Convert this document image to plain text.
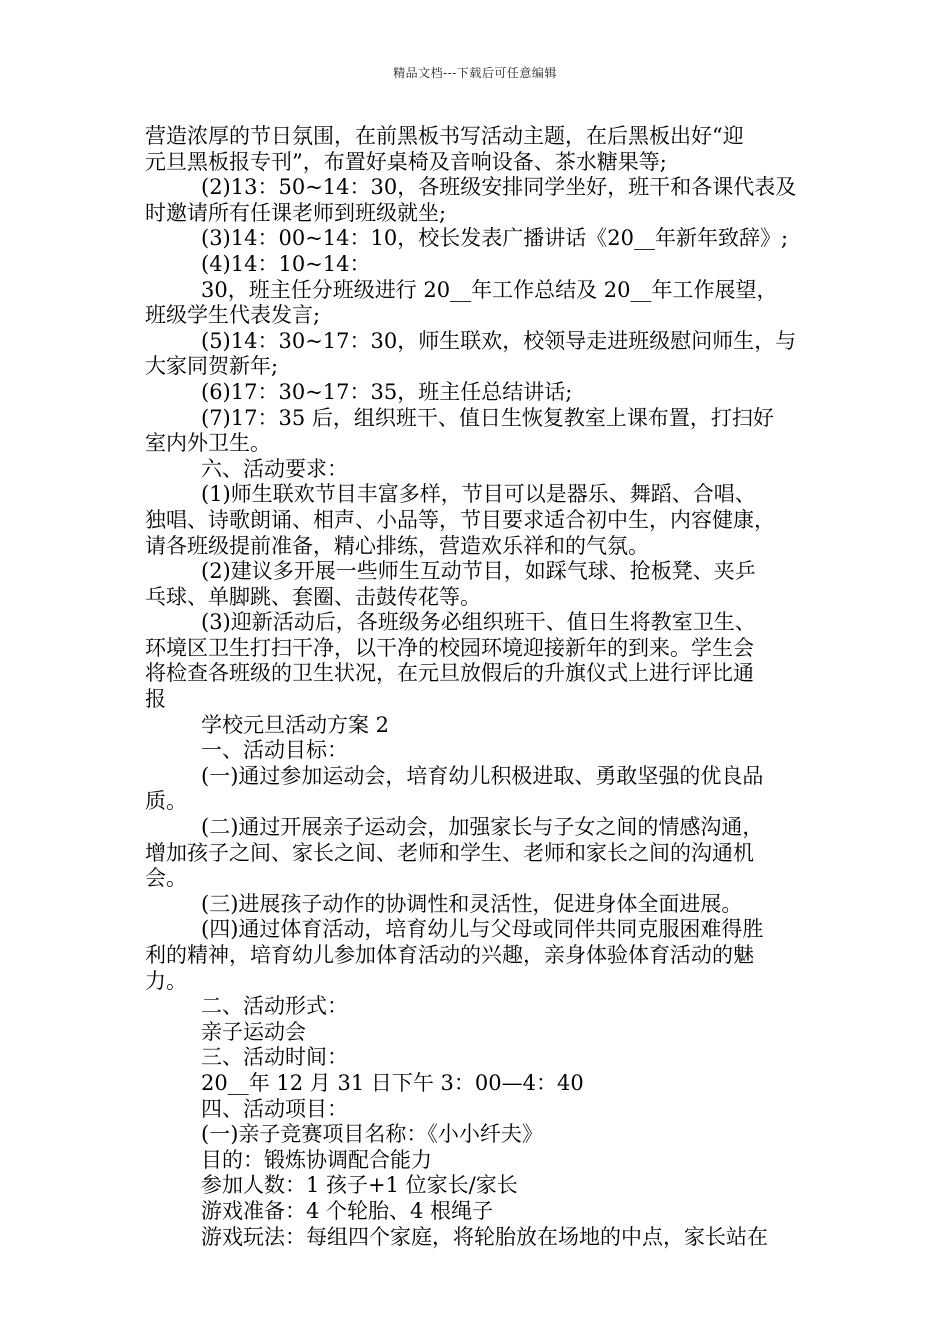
精品文档---下载后可任意编辑
营造浓厚的节日氛围，在前黑板书写活动主题，在后黑板出好“迎
元旦黑板报专刊”，布置好桌椅及音响设备、茶水糖果等;
(2)13：50~14：30，各班级安排同学坐好，班干和各课代表及
时邀请所有任课老师到班级就坐;
(3)14：00~14：10，校长发表广播讲话《20__年新年致辞》;
(4)14：10~14：
30，班主任分班级进行 20__年工作总结及 20__年工作展望，
班级学生代表发言;
(5)14：30~17：30，师生联欢，校领导走进班级慰问师生，与
大家同贺新年;
(6)17：30~17：35，班主任总结讲话;
(7)17：35 后，组织班干、值日生恢复教室上课布置，打扫好
室内外卫生。
六、活动要求：
(1)师生联欢节目丰富多样，节目可以是器乐、舞蹈、合唱、
独唱、诗歌朗诵、相声、小品等，节目要求适合初中生，内容健康，
请各班级提前准备，精心排练，营造欢乐祥和的气氛。
(2)建议多开展一些师生互动节目，如踩气球、抢板凳、夹乒
乓球、单脚跳、套圈、击鼓传花等。
(3)迎新活动后，各班级务必组织班干、值日生将教室卫生、
环境区卫生打扫干净，以干净的校园环境迎接新年的到来。学生会
将检查各班级的卫生状况，在元旦放假后的升旗仪式上进行评比通
报
学校元旦活动方案 2
一、活动目标：
(一)通过参加运动会，培育幼儿积极进取、勇敢坚强的优良品
质。
(二)通过开展亲子运动会，加强家长与子女之间的情感沟通，
增加孩子之间、家长之间、老师和学生、老师和家长之间的沟通机
会。
(三)进展孩子动作的协调性和灵活性，促进身体全面进展。
(四)通过体育活动，培育幼儿与父母或同伴共同克服困难得胜
利的精神，培育幼儿参加体育活动的兴趣，亲身体验体育活动的魅
力。
二、活动形式：
亲子运动会
三、活动时间：
20__年 12 月 31 日下午 3：00—4：40
四、活动项目：
(一)亲子竞赛项目名称：《小小纤夫》
目的：锻炼协调配合能力
参加人数：1 孩子+1 位家长/家长
游戏准备：4 个轮胎、4 根绳子
游戏玩法：每组四个家庭，将轮胎放在场地的中点，家长站在
